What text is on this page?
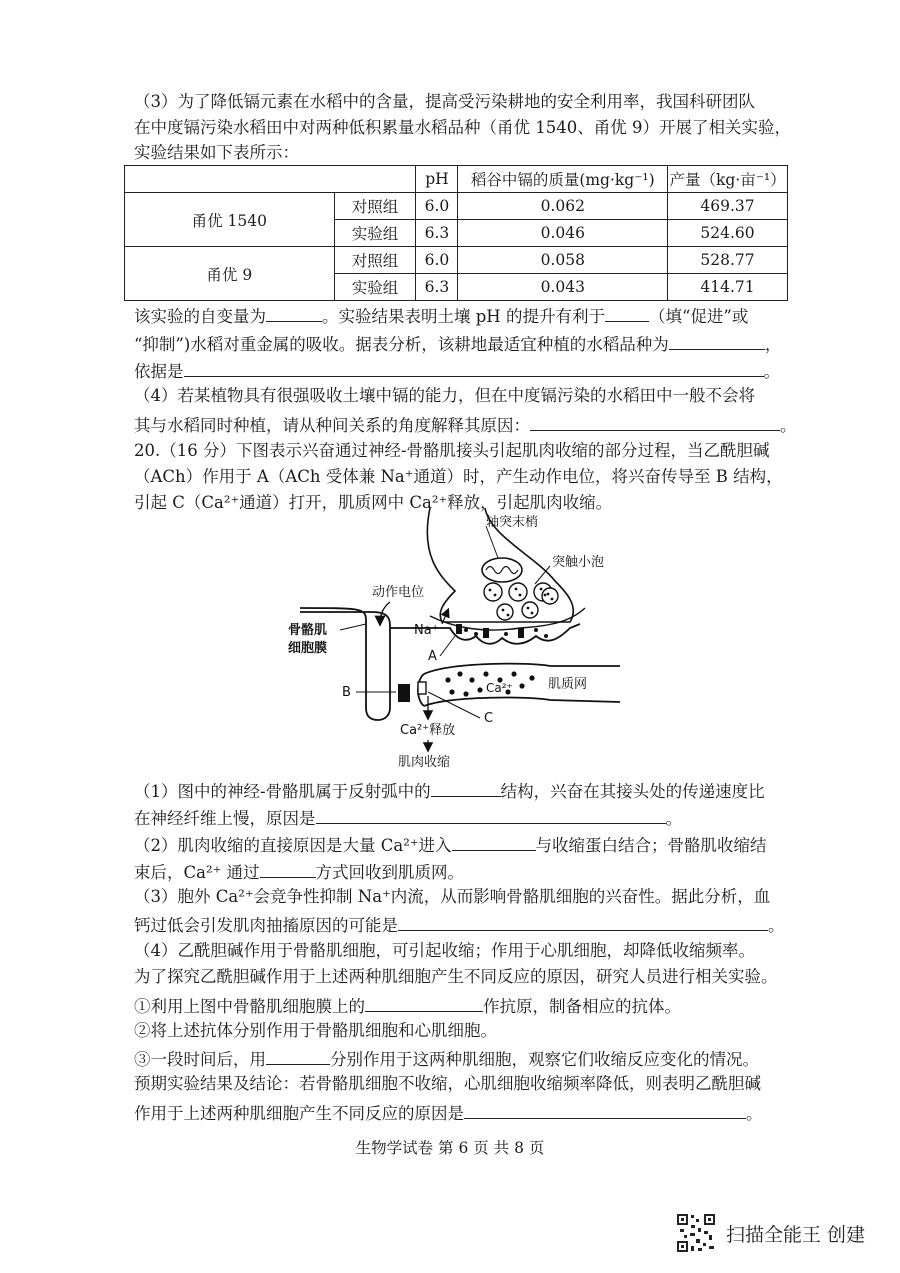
（3）为了降低镉元素在水稻中的含量，提高受污染耕地的安全利用率，我国科研团队
在中度镉污染水稻田中对两种低积累量水稻品种（甬优 1540、甬优 9）开展了相关实验，
实验结果如下表所示：
		pH	稻谷中镉的质量(mg·kg⁻¹)	产量（kg·亩⁻¹）
甬优 1540	对照组	6.0	0.062	469.37
	实验组	6.3	0.046	524.60
甬优 9	对照组	6.0	0.058	528.77
	实验组	6.3	0.043	414.71
该实验的自变量为	。实验结果表明土壤 pH 的提升有利于	（填“促进”或
“抑制”)水稻对重金属的吸收。据表分析，该耕地最适宜种植的水稻品种为	，
依据是	。
（4）若某植物具有很强吸收土壤中镉的能力，但在中度镉污染的水稻田中一般不会将
其与水稻同时种植，请从种间关系的角度解释其原因：	。
20.（16 分）下图表示兴奋通过神经-骨骼肌接头引起肌肉收缩的部分过程，当乙酰胆碱
（ACh）作用于 A（ACh 受体兼 Na⁺通道）时，产生动作电位，将兴奋传导至 B 结构，
引起 C（Ca²⁺通道）打开，肌质网中 Ca²⁺释放，引起肌肉收缩。
轴突末梢
突触小泡
动作电位
Na⁺
A
骨骼肌
细胞膜
Ca²⁺	肌质网
B
C
Ca²⁺释放
肌肉收缩
（1）图中的神经-骨骼肌属于反射弧中的	结构，兴奋在其接头处的传递速度比
在神经纤维上慢，原因是	。
（2）肌肉收缩的直接原因是大量 Ca²⁺进入	与收缩蛋白结合；骨骼肌收缩结
束后，Ca²⁺ 通过	方式回收到肌质网。
（3）胞外 Ca²⁺会竞争性抑制 Na⁺内流，从而影响骨骼肌细胞的兴奋性。据此分析，血
钙过低会引发肌肉抽搐原因的可能是	。
（4）乙酰胆碱作用于骨骼肌细胞，可引起收缩；作用于心肌细胞，却降低收缩频率。
为了探究乙酰胆碱作用于上述两种肌细胞产生不同反应的原因，研究人员进行相关实验。
①利用上图中骨骼肌细胞膜上的	作抗原，制备相应的抗体。
②将上述抗体分别作用于骨骼肌细胞和心肌细胞。
③一段时间后，用	分别作用于这两种肌细胞，观察它们收缩反应变化的情况。
预期实验结果及结论：若骨骼肌细胞不收缩，心肌细胞收缩频率降低，则表明乙酰胆碱
作用于上述两种肌细胞产生不同反应的原因是	。
生物学试卷 第 6 页 共 8 页
扫描全能王 创建
